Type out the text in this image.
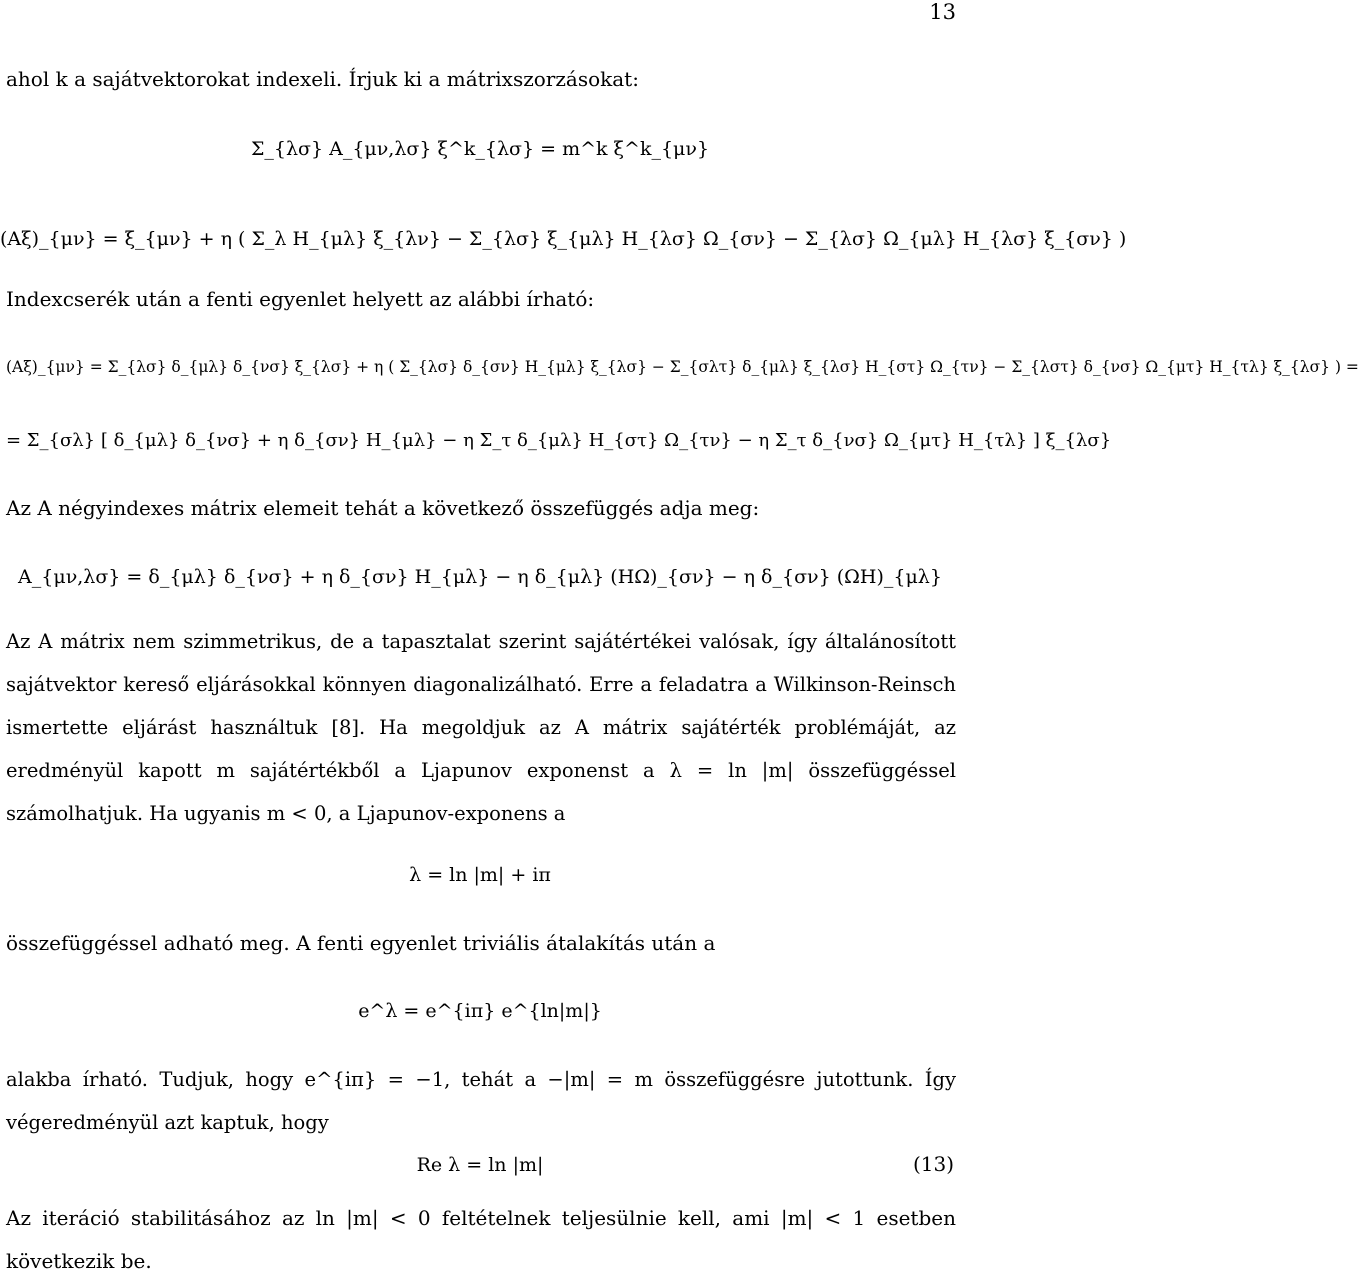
13
ahol k a sajátvektorokat indexeli. Írjuk ki a mátrixszorzásokat:
Σ_{λσ} A_{μν,λσ} ξ^k_{λσ} = m^k ξ^k_{μν}
(Aξ)_{μν} = ξ_{μν} + η ( Σ_λ H_{μλ} ξ_{λν} − Σ_{λσ} ξ_{μλ} H_{λσ} Ω_{σν} − Σ_{λσ} Ω_{μλ} H_{λσ} ξ_{σν} )
Indexcserék után a fenti egyenlet helyett az alábbi írható:
(Aξ)_{μν} = Σ_{λσ} δ_{μλ} δ_{νσ} ξ_{λσ} + η ( Σ_{λσ} δ_{σν} H_{μλ} ξ_{λσ} − Σ_{σλτ} δ_{μλ} ξ_{λσ} H_{στ} Ω_{τν} − Σ_{λστ} δ_{νσ} Ω_{μτ} H_{τλ} ξ_{λσ} ) =
= Σ_{σλ} [ δ_{μλ} δ_{νσ} + η δ_{σν} H_{μλ} − η Σ_τ δ_{μλ} H_{στ} Ω_{τν} − η Σ_τ δ_{νσ} Ω_{μτ} H_{τλ} ] ξ_{λσ}
Az A négyindexes mátrix elemeit tehát a következő összefüggés adja meg:
A_{μν,λσ} = δ_{μλ} δ_{νσ} + η δ_{σν} H_{μλ} − η δ_{μλ} (HΩ)_{σν} − η δ_{σν} (ΩH)_{μλ}
Az A mátrix nem szimmetrikus, de a tapasztalat szerint sajátértékei valósak, így általánosított sajátvektor kereső eljárásokkal könnyen diagonalizálható. Erre a feladatra a Wilkinson-Reinsch ismertette eljárást használtuk [8]. Ha megoldjuk az A mátrix sajátérték problémáját, az eredményül kapott m sajátértékből a Ljapunov exponenst a λ = ln |m| összefüggéssel számolhatjuk. Ha ugyanis m < 0, a Ljapunov-exponens a
λ = ln |m| + iπ
összefüggéssel adható meg. A fenti egyenlet triviális átalakítás után a
e^λ = e^{iπ} e^{ln|m|}
alakba írható. Tudjuk, hogy e^{iπ} = −1, tehát a −|m| = m összefüggésre jutottunk. Így végeredményül azt kaptuk, hogy
Re λ = ln |m|	(13)
Az iteráció stabilitásához az ln |m| < 0 feltételnek teljesülnie kell, ami |m| < 1 esetben következik be.
